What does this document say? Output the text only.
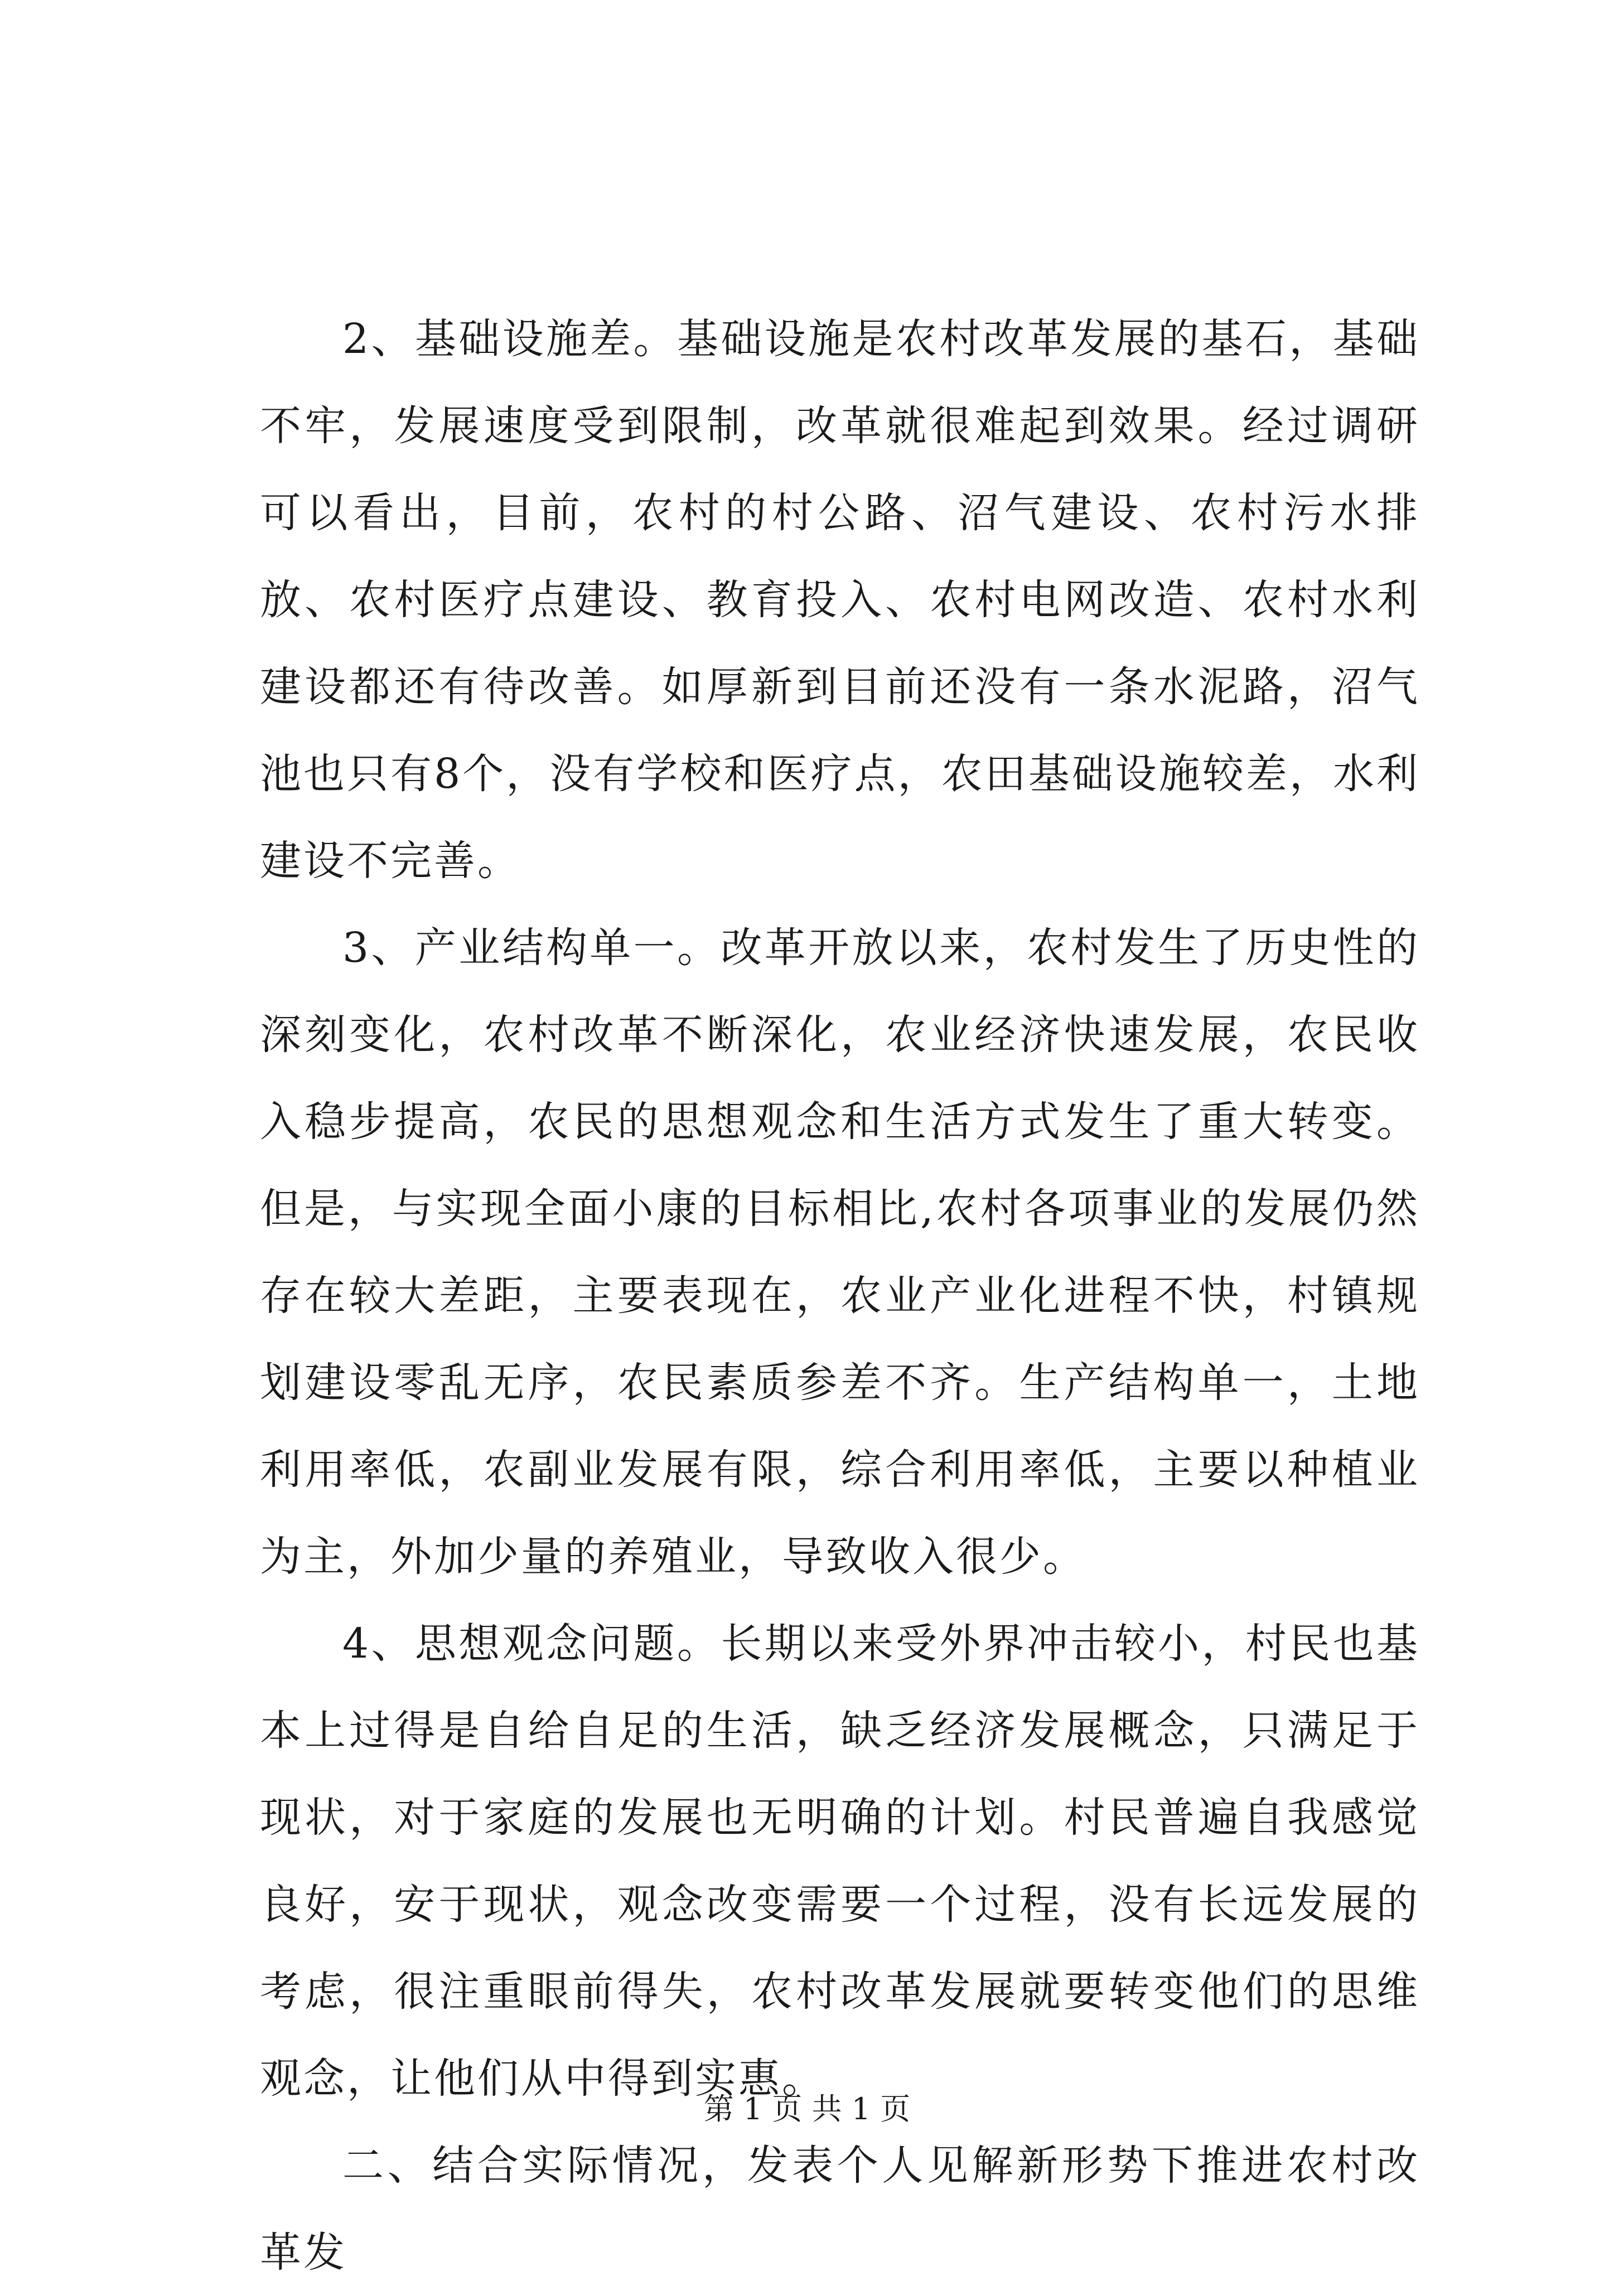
2、基础设施差。基础设施是农村改革发展的基石，基础不牢，发展速度受到限制，改革就很难起到效果。经过调研可以看出，目前，农村的村公路、沼气建设、农村污水排放、农村医疗点建设、教育投入、农村电网改造、农村水利建设都还有待改善。如厚新到目前还没有一条水泥路，沼气池也只有8个，没有学校和医疗点，农田基础设施较差，水利建设不完善。

3、产业结构单一。改革开放以来，农村发生了历史性的深刻变化，农村改革不断深化，农业经济快速发展，农民收入稳步提高，农民的思想观念和生活方式发生了重大转变。但是，与实现全面小康的目标相比,农村各项事业的发展仍然存在较大差距，主要表现在，农业产业化进程不快，村镇规划建设零乱无序，农民素质参差不齐。生产结构单一，土地利用率低，农副业发展有限，综合利用率低，主要以种植业为主，外加少量的养殖业，导致收入很少。

4、思想观念问题。长期以来受外界冲击较小，村民也基本上过得是自给自足的生活，缺乏经济发展概念，只满足于现状，对于家庭的发展也无明确的计划。村民普遍自我感觉良好，安于现状，观念改变需要一个过程，没有长远发展的考虑，很注重眼前得失，农村改革发展就要转变他们的思维观念，让他们从中得到实惠。

二、结合实际情况，发表个人见解新形势下推进农村改革发

第 1 页 共 1 页
